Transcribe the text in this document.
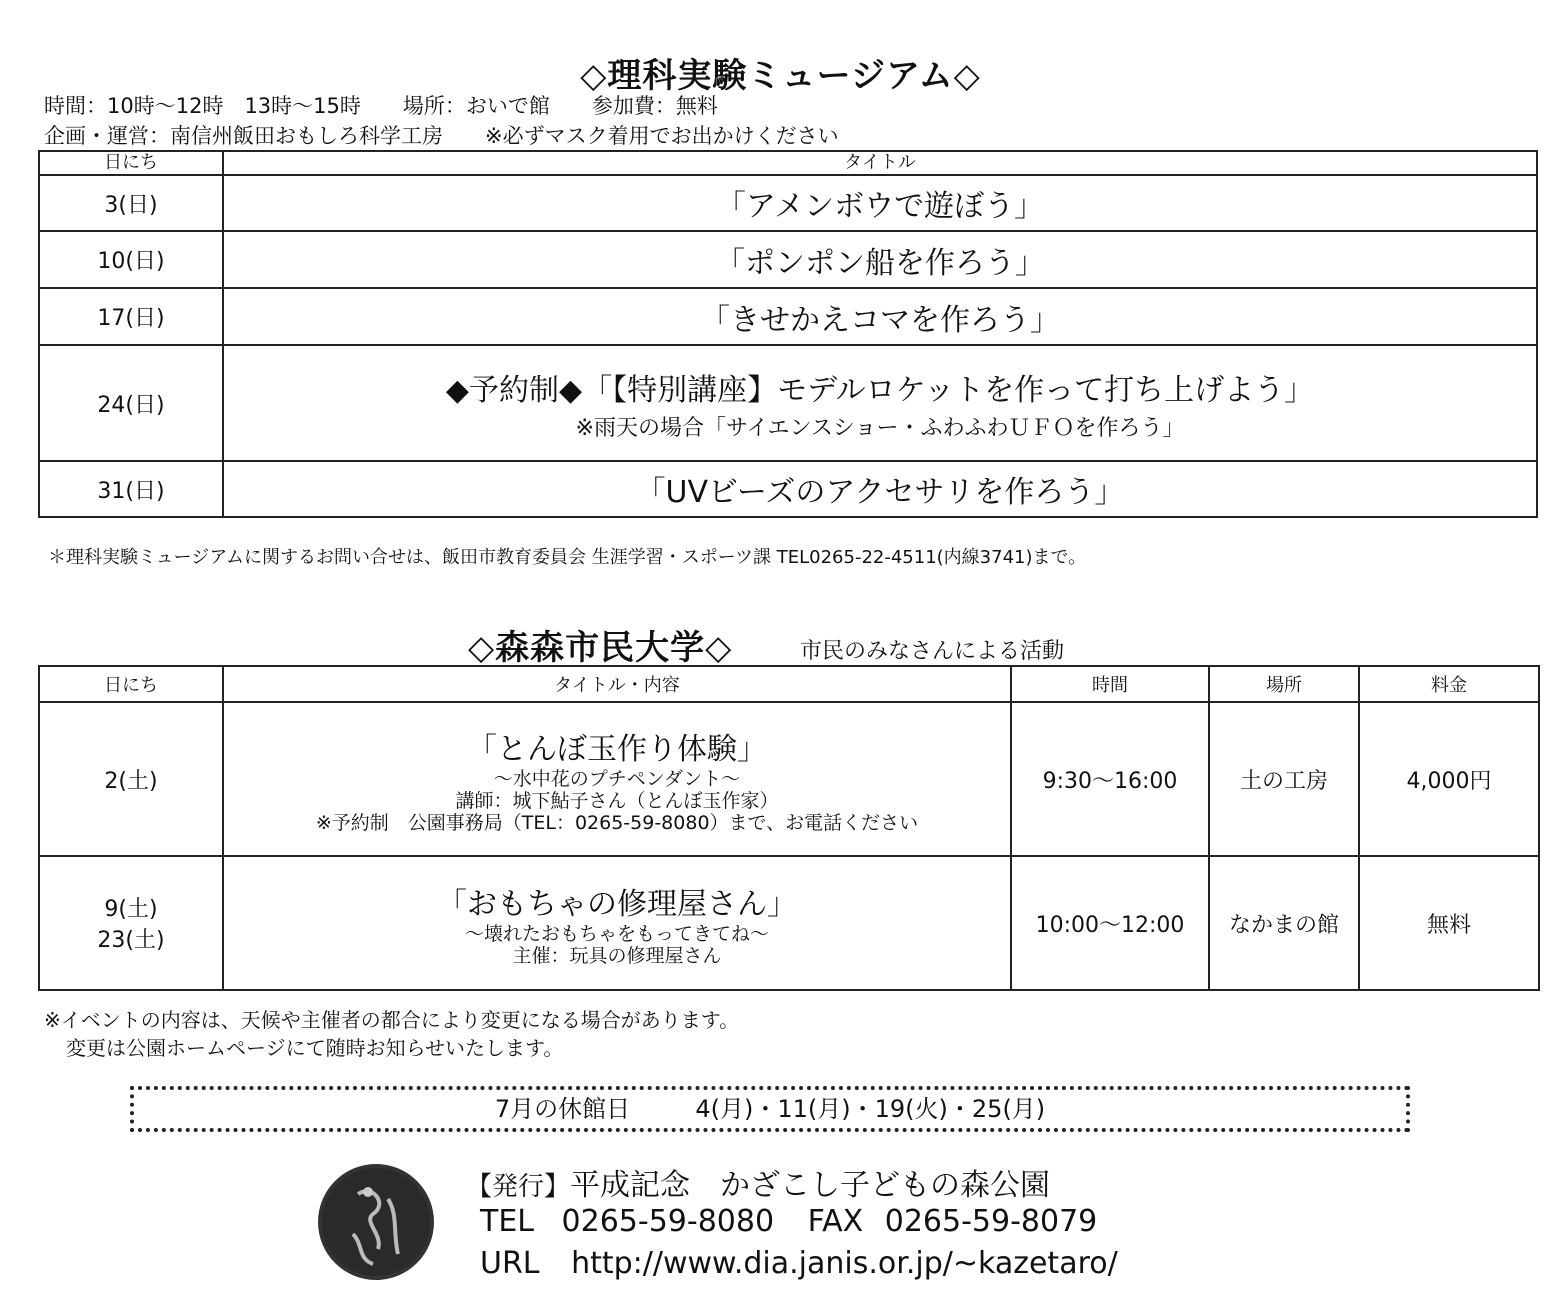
◇理科実験ミュージアム◇
時間：10時～12時　13時～15時　　場所：おいで館　　参加費：無料
企画・運営：南信州飯田おもしろ科学工房　　※必ずマスク着用でお出かけください
日にち	タイトル
3(日)	「アメンボウで遊ぼう」
10(日)	「ポンポン船を作ろう」
17(日)	「きせかえコマを作ろう」
24(日)	◆予約制◆「【特別講座】モデルロケットを作って打ち上げよう」
※雨天の場合「サイエンスショー・ふわふわＵＦＯを作ろう」

31(日)	「UVビーズのアクセサリを作ろう」
＊理科実験ミュージアムに関するお問い合せは、飯田市教育委員会 生涯学習・スポーツ課 TEL0265-22-4511(内線3741)まで。
◇森森市民大学◇	市民のみなさんによる活動
日にち	タイトル・内容	時間	場所	料金
2(土)	「とんぼ玉作り体験」
～水中花のプチペンダント～
講師：城下鮎子さん（とんぼ玉作家）
※予約制　公園事務局（TEL：0265-59-8080）まで、お電話ください	9:30～16:00	土の工房	4,000円

9(土)
23(土)	「おもちゃの修理屋さん」
～壊れたおもちゃをもってきてね～
主催：玩具の修理屋さん	10:00～12:00	なかまの館	無料
※イベントの内容は、天候や主催者の都合により変更になる場合があります。
変更は公園ホームページにて随時お知らせいたします。
7月の休館日	4(月)・11(月)・19(火)・25(月)
【発行】平成記念　かざこし子どもの森公園
TEL 0265-59-8080 FAX 0265-59-8079
URL http://www.dia.janis.or.jp/~kazetaro/
